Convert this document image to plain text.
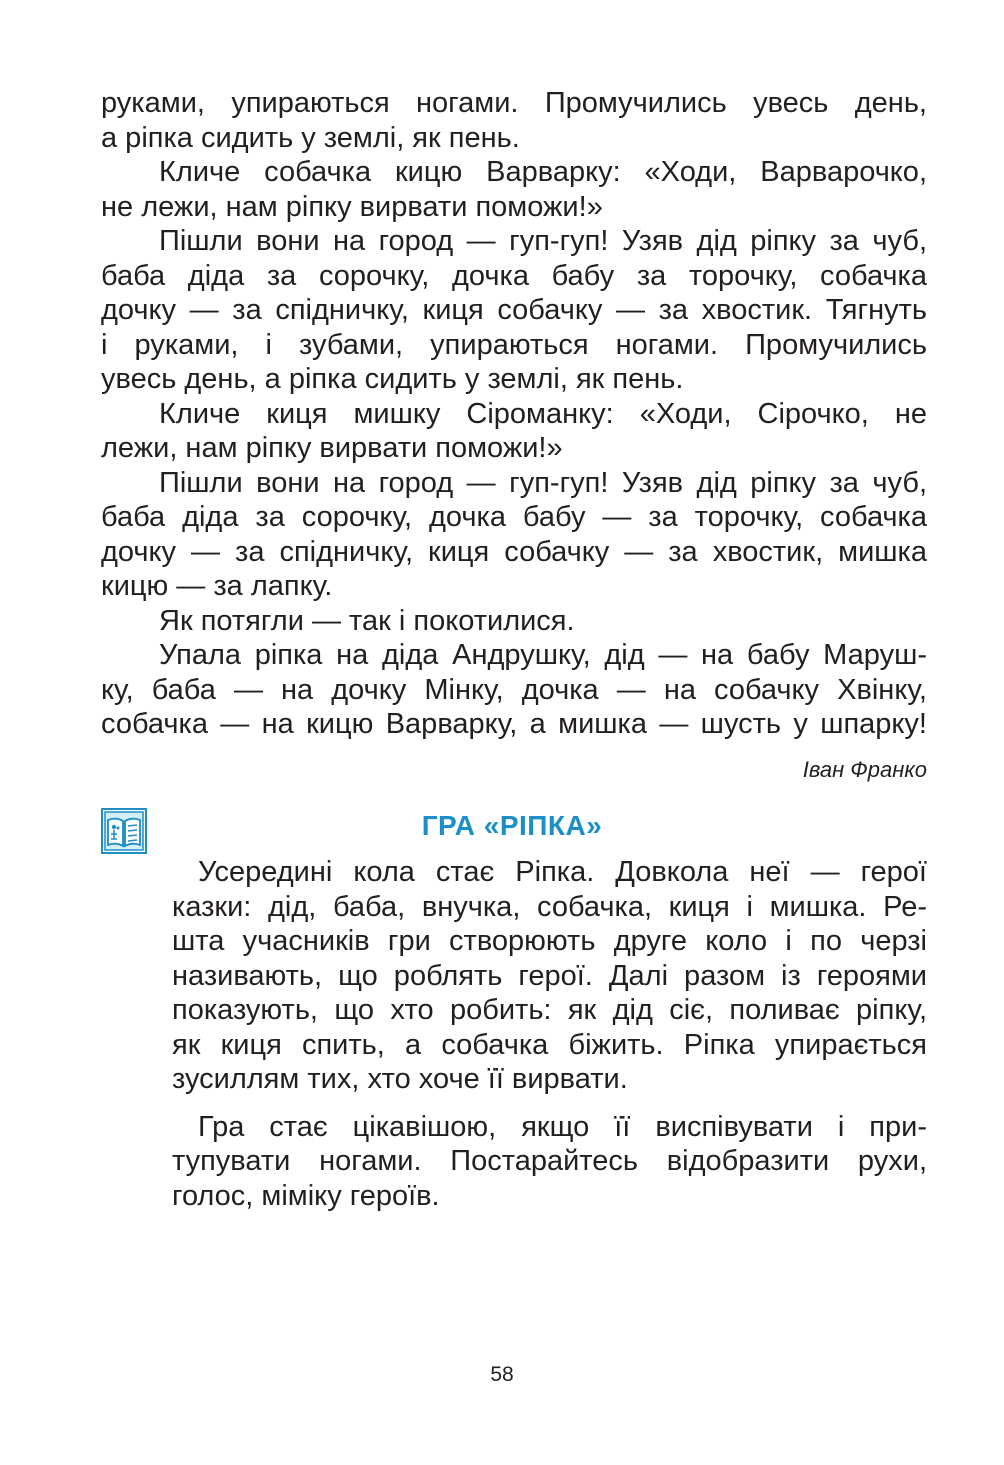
руками, упираються ногами. Промучились увесь день,
а ріпка сидить у землі, як пень.
Кличе собачка кицю Варварку: «Ходи, Варварочко,
не лежи, нам ріпку вирвати поможи!»
Пішли вони на город — гуп-гуп! Узяв дід ріпку за чуб,
баба діда за сорочку, дочка бабу за торочку, собачка
дочку — за спідничку, киця собачку — за хвостик. Тягнуть
і руками, і зубами, упираються ногами. Промучились
увесь день, а ріпка сидить у землі, як пень.
Кличе киця мишку Сіроманку: «Ходи, Сірочко, не
лежи, нам ріпку вирвати поможи!»
Пішли вони на город — гуп-гуп! Узяв дід ріпку за чуб,
баба діда за сорочку, дочка бабу — за торочку, собачка
дочку — за спідничку, киця собачку — за хвостик, мишка
кицю — за лапку.
Як потягли — так і покотилися.
Упала ріпка на діда Андрушку, дід — на бабу Маруш-
ку, баба — на дочку Мінку, дочка — на собачку Хвінку,
собачка — на кицю Варварку, а мишка — шусть у шпарку!
Іван Франко
ГРА «РІПКА»
Усередині кола стає Ріпка. Довкола неї — герої
казки: дід, баба, внучка, собачка, киця і мишка. Ре-
шта учасників гри створюють друге коло і по черзі
називають, що роблять герої. Далі разом із героями
показують, що хто робить: як дід сіє, поливає ріпку,
як киця спить, а собачка біжить. Ріпка упирається
зусиллям тих, хто хоче її вирвати.
Гра стає цікавішою, якщо її виспівувати і при-
тупувати ногами. Постарайтесь відобразити рухи,
голос, міміку героїв.
58
